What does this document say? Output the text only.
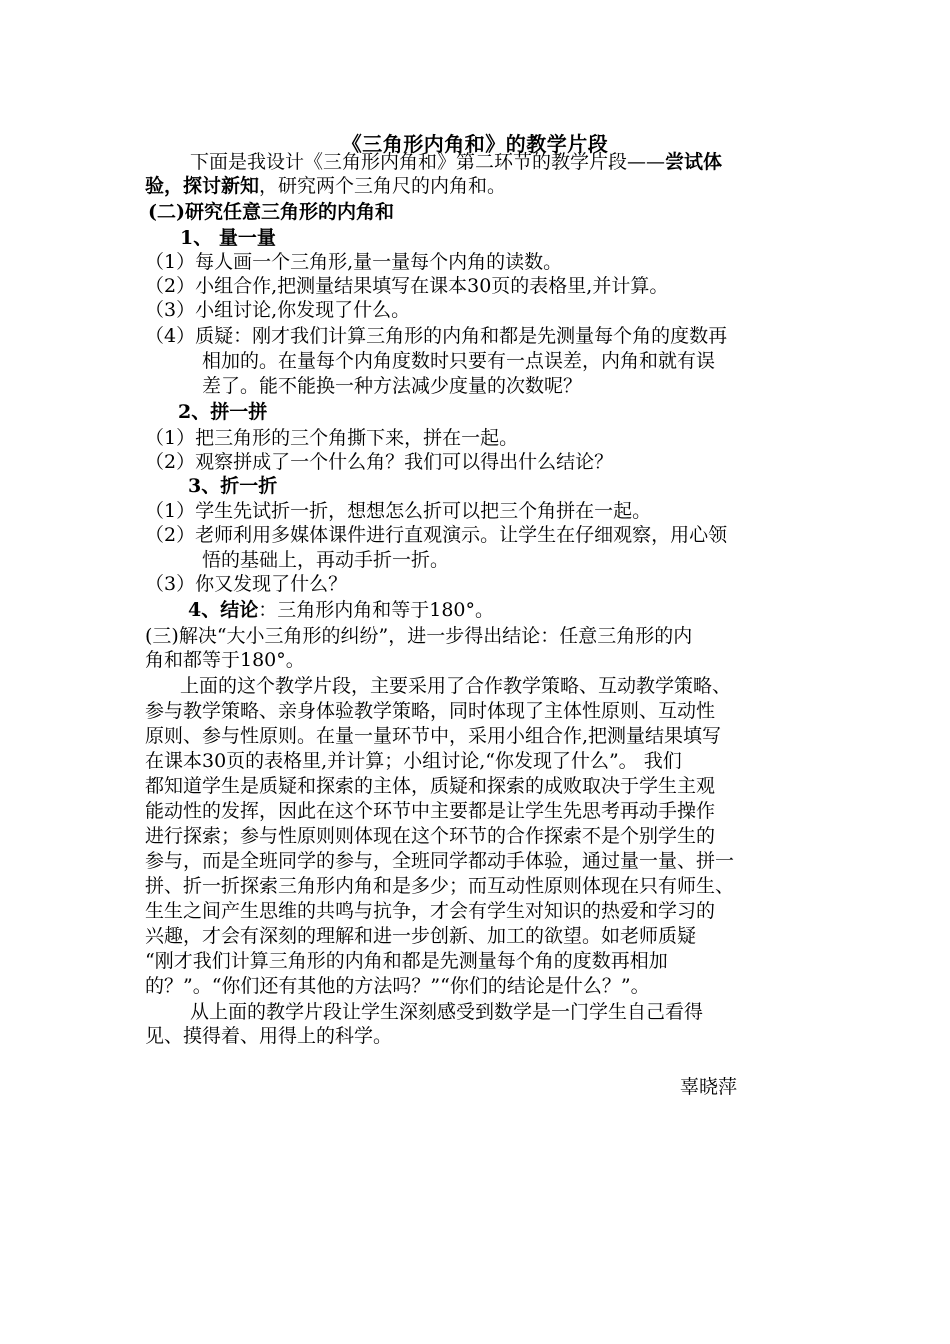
《三角形内角和》的教学片段
下面是我设计《三角形内角和》第二环节的教学片段——尝试体
验，探讨新知，研究两个三角尺的内角和。
(二)研究任意三角形的内角和
1、 量一量
（1）每人画一个三角形,量一量每个内角的读数。
（2）小组合作,把测量结果填写在课本30页的表格里,并计算。
（3）小组讨论,你发现了什么。
（4）质疑：刚才我们计算三角形的内角和都是先测量每个角的度数再
相加的。在量每个内角度数时只要有一点误差，内角和就有误
差了。能不能换一种方法减少度量的次数呢？
2、拼一拼
（1）把三角形的三个角撕下来，拼在一起。
（2）观察拼成了一个什么角？我们可以得出什么结论？
3、折一折
（1）学生先试折一折，想想怎么折可以把三个角拼在一起。
（2）老师利用多媒体课件进行直观演示。让学生在仔细观察，用心领
悟的基础上，再动手折一折。
（3）你又发现了什么？
4、结论：三角形内角和等于180°。
(三)解决“大小三角形的纠纷”，进一步得出结论：任意三角形的内
角和都等于180°。
上面的这个教学片段，主要采用了合作教学策略、互动教学策略、
参与教学策略、亲身体验教学策略，同时体现了主体性原则、互动性
原则、参与性原则。在量一量环节中，采用小组合作,把测量结果填写
在课本30页的表格里,并计算；小组讨论,“你发现了什么”。 我们
都知道学生是质疑和探索的主体，质疑和探索的成败取决于学生主观
能动性的发挥，因此在这个环节中主要都是让学生先思考再动手操作
进行探索；参与性原则则体现在这个环节的合作探索不是个别学生的
参与，而是全班同学的参与，全班同学都动手体验，通过量一量、拼一
拼、折一折探索三角形内角和是多少；而互动性原则体现在只有师生、
生生之间产生思维的共鸣与抗争，才会有学生对知识的热爱和学习的
兴趣，才会有深刻的理解和进一步创新、加工的欲望。如老师质疑
“刚才我们计算三角形的内角和都是先测量每个角的度数再相加
的？”。“你们还有其他的方法吗？”“你们的结论是什么？”。
从上面的教学片段让学生深刻感受到数学是一门学生自己看得
见、摸得着、用得上的科学。
辜晓萍
